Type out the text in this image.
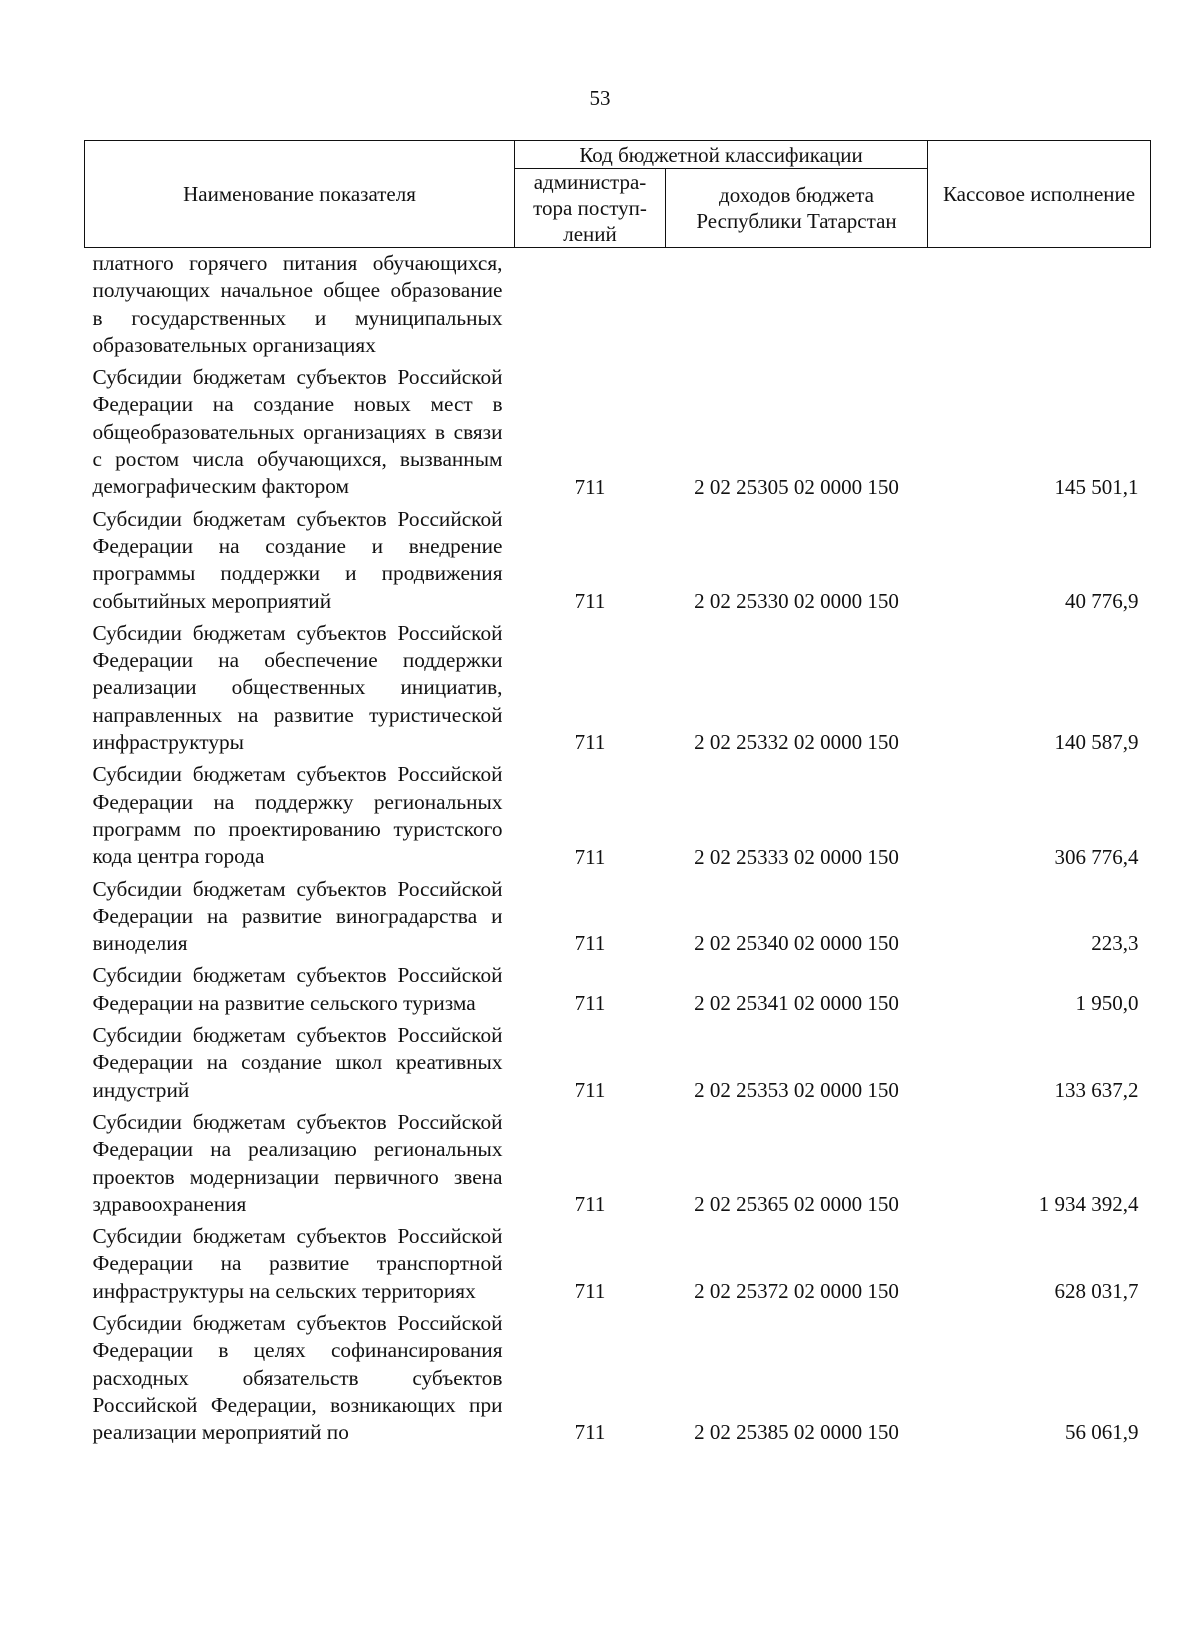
53
Наименование показателя	Код бюджетной классификации		Кассовое исполнение
	администра-тора поступ-лений	доходов бюджета Республики Татарстан	
платного горячего питания обучающихся, получающих начальное общее образование в государственных и муниципальных образовательных организациях			
Субсидии бюджетам субъектов Российской Федерации на создание новых мест в общеобразовательных организациях в связи с ростом числа обучающихся, вызванным демографическим фактором	711	2 02 25305 02 0000 150	145 501,1
Субсидии бюджетам субъектов Российской Федерации на создание и внедрение программы поддержки и продвижения событийных мероприятий	711	2 02 25330 02 0000 150	40 776,9
Субсидии бюджетам субъектов Российской Федерации на обеспечение поддержки реализации общественных инициатив, направленных на развитие туристической инфраструктуры	711	2 02 25332 02 0000 150	140 587,9
Субсидии бюджетам субъектов Российской Федерации на поддержку региональных программ по проектированию туристского кода центра города	711	2 02 25333 02 0000 150	306 776,4
Субсидии бюджетам субъектов Российской Федерации на развитие виноградарства и виноделия	711	2 02 25340 02 0000 150	223,3
Субсидии бюджетам субъектов Российской Федерации на развитие сельского туризма	711	2 02 25341 02 0000 150	1 950,0
Субсидии бюджетам субъектов Российской Федерации на создание школ креативных индустрий	711	2 02 25353 02 0000 150	133 637,2
Субсидии бюджетам субъектов Российской Федерации на реализацию региональных проектов модернизации первичного звена здравоохранения	711	2 02 25365 02 0000 150	1 934 392,4
Субсидии бюджетам субъектов Российской Федерации на развитие транспортной инфраструктуры на сельских территориях	711	2 02 25372 02 0000 150	628 031,7
Субсидии бюджетам субъектов Российской Федерации в целях софинансирования расходных обязательств субъектов Российской Федерации, возникающих при реализации мероприятий по	711	2 02 25385 02 0000 150	56 061,9
